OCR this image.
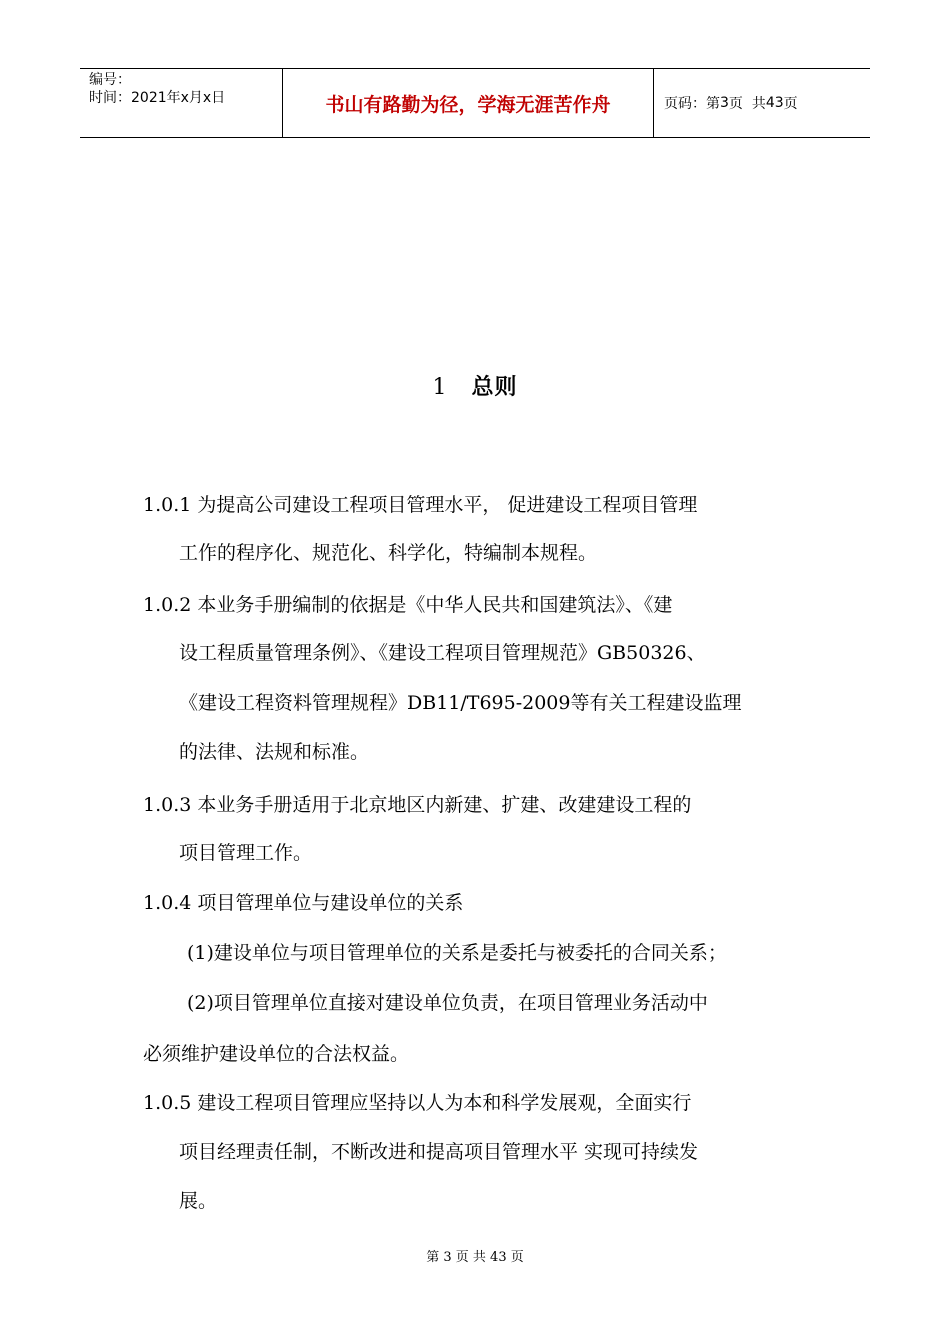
编号：
时间：2021年x月x日	书山有路勤为径，学海无涯苦作舟	页码：第 3 页  共 43 页
1 总则
1.0.1 为提高公司建设工程项目管理水平， 促进建设工程项目管理
工作的程序化、规范化、科学化，特编制本规程。
1.0.2 本业务手册编制的依据是《中华人民共和国建筑法》、《建
设工程质量管理条例》、《建设工程项目管理规范》GB50326、
《建设工程资料管理规程》DB11/T695-2009等有关工程建设监理
的法律、法规和标准。
1.0.3 本业务手册适用于北京地区内新建、扩建、改建建设工程的
项目管理工作。
1.0.4 项目管理单位与建设单位的关系
(1)建设单位与项目管理单位的关系是委托与被委托的合同关系；
(2)项目管理单位直接对建设单位负责，在项目管理业务活动中
必须维护建设单位的合法权益。
1.0.5 建设工程项目管理应坚持以人为本和科学发展观，全面实行
项目经理责任制，不断改进和提高项目管理水平 实现可持续发
展。
第 3 页 共 43 页
